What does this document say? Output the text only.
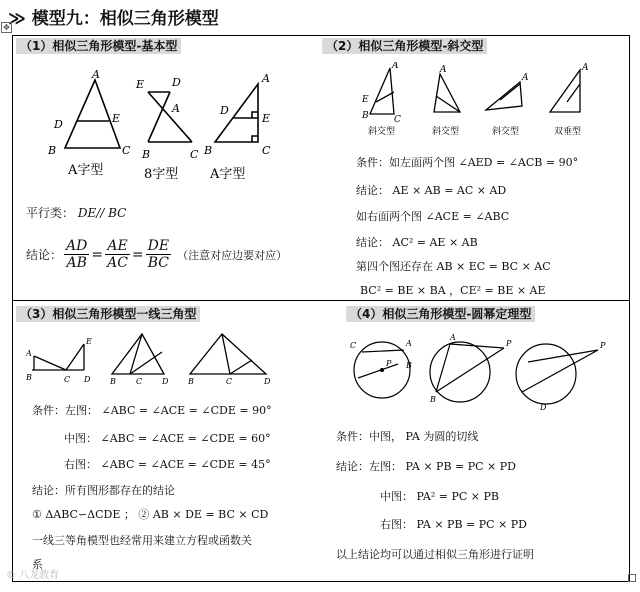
≫ 模型九：相似三角形模型
✥
（1）相似三角形模型-基本型	（2）相似三角形模型-斜交型
（3）相似三角形模型一线三角型	（4）相似三角形模型-圆幂定理型
A
D	E
B	C
A字型
E	D
A
B	C
8字型
A
D
E
B	C
A字型
平行类： DE// BC
结论： $\frac{AD}{AB} = \frac{AE}{AC} = \frac{DE}{BC}$ （注意对应边要对应）
A
E
B	C
A
A
A
斜交型	斜交型	斜交型	双垂型
条件：如左面两个图 ∠AED = ∠ACB = 90°
结论： AE × AB = AC × AD
如右面两个图 ∠ACE = ∠ABC
结论： AC² = AE × AB
第四个图还存在 AB × EC = BC × AC
BC² = BE × BA ，CE² = BE × AE
A
B	C D
E
B	C D B	C	D
条件：左图： ∠ABC = ∠ACE = ∠CDE = 90°
中图： ∠ABC = ∠ACE = ∠CDE = 60°
右图： ∠ABC = ∠ACE = ∠CDE = 45°
结论：所有图形都存在的结论
① ΔABC∽ΔCDE ； ② AB × DE = BC × CD
一线三等角模型也经常用来建立方程或函数关
系
C	A
P B
A
P
B
P
D
条件：中图， PA 为圆的切线
结论：左图： PA × PB = PC × PD
中图： PA² = PC × PB
右图： PA × PB = PC × PD
以上结论均可以通过相似三角形进行证明
© 八龙教育
